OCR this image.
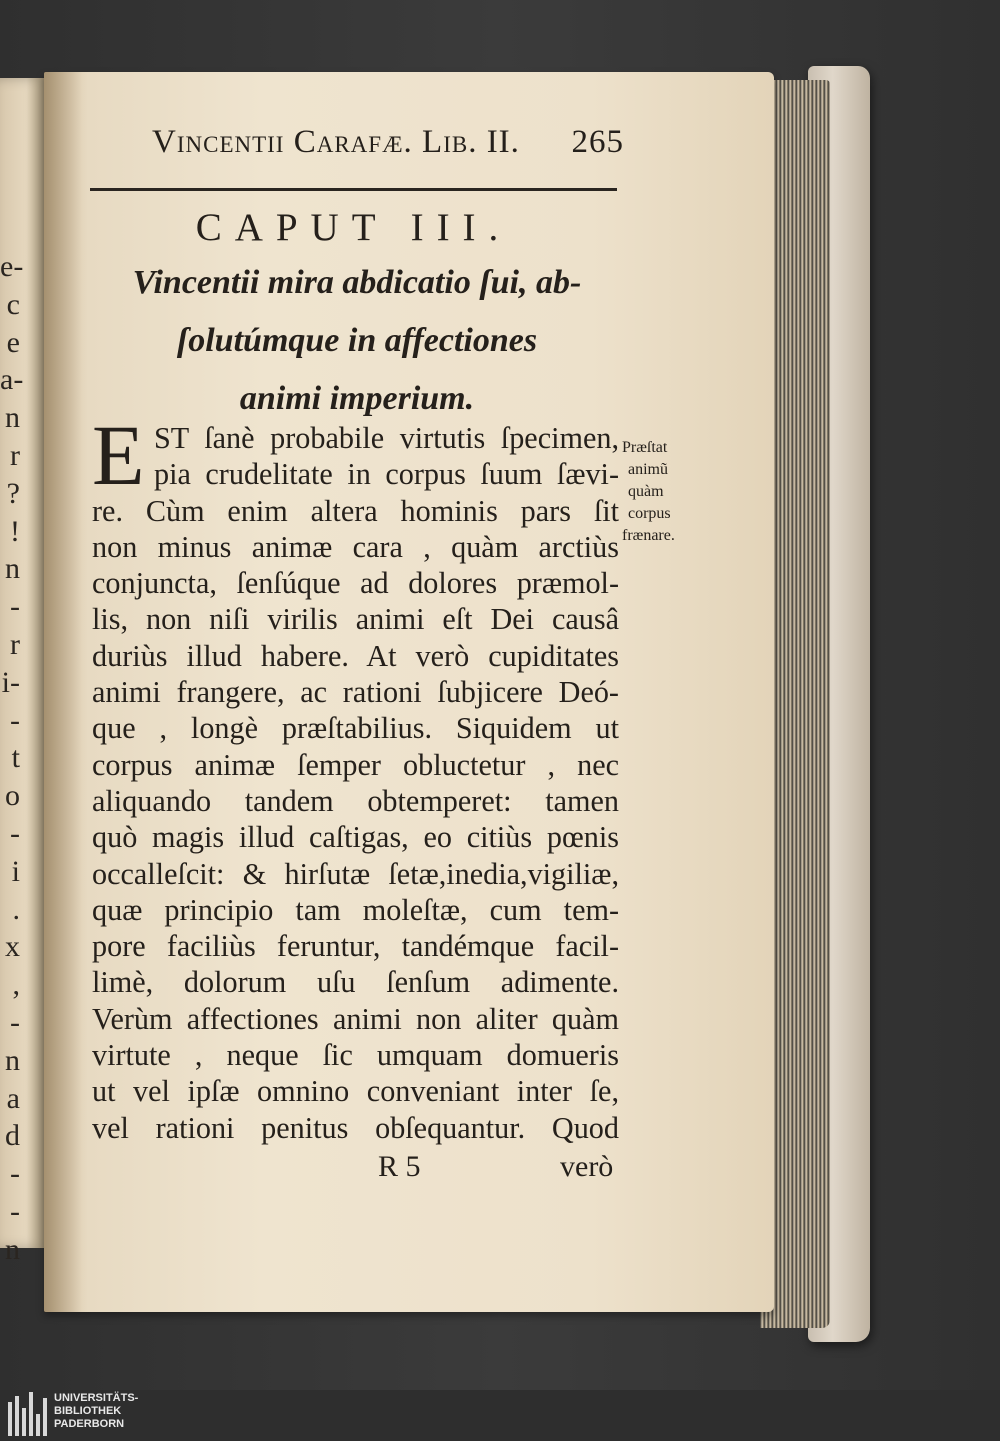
e-
c
e
a-
n
r
?
!
n
-
r
i-
-
t
o
-
i
.
x
,
-
n
a
d
-
-
n
Vincentii Carafæ. Lib. II. 265
CAPUT III.
Vincentii mira abdicatio ſui, ab-
ſolutúmque in affectiones
animi imperium.
E ST ſanè probabile virtutis ſpecimen,
pia crudelitate in corpus ſuum ſævi-
re. Cùm enim altera hominis pars ſit
non minus animæ cara , quàm arctiùs
conjuncta, ſenſúque ad dolores præmol-
lis, non niſi virilis animi eſt Dei causâ
duriùs illud habere. At verò cupiditates
animi frangere, ac rationi ſubjicere Deó-
que , longè præſtabilius. Siquidem ut
corpus animæ ſemper obluctetur , nec
aliquando tandem obtemperet: tamen
quò magis illud caſtigas, eo citiùs pœnis
occalleſcit: & hirſutæ ſetæ,inedia,vigiliæ,
quæ principio tam moleſtæ, cum tem-
pore faciliùs feruntur, tandémque facil-
limè, dolorum uſu ſenſum adimente.
Verùm affectiones animi non aliter quàm
virtute , neque ſic umquam domueris
ut vel ipſæ omnino conveniant inter ſe,
vel rationi penitus obſequantur. Quod
Præſtat
animũ
quàm
corpus
frænare.
R 5	verò
UNIVERSITÄTS-
BIBLIOTHEK
PADERBORN
